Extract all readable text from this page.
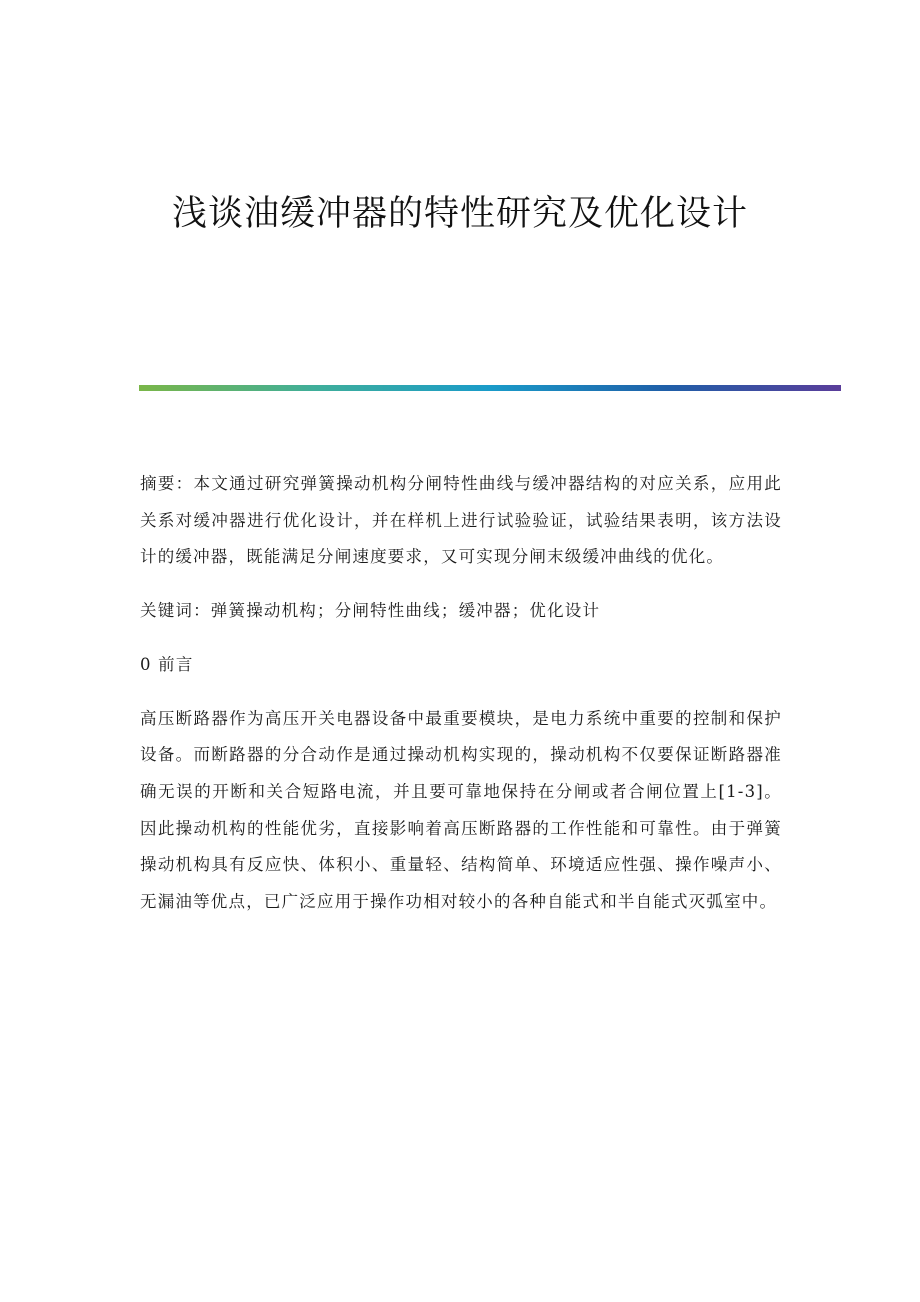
浅谈油缓冲器的特性研究及优化设计

摘要：本文通过研究弹簧操动机构分闸特性曲线与缓冲器结构的对应关系，应用此关系对缓冲器进行优化设计，并在样机上进行试验验证，试验结果表明，该方法设计的缓冲器，既能满足分闸速度要求，又可实现分闸末级缓冲曲线的优化。

关键词：弹簧操动机构；分闸特性曲线；缓冲器；优化设计

0 前言

高压断路器作为高压开关电器设备中最重要模块，是电力系统中重要的控制和保护设备。而断路器的分合动作是通过操动机构实现的，操动机构不仅要保证断路器准确无误的开断和关合短路电流，并且要可靠地保持在分闸或者合闸位置上[1-3]。因此操动机构的性能优劣，直接影响着高压断路器的工作性能和可靠性。由于弹簧操动机构具有反应快、体积小、重量轻、结构简单、环境适应性强、操作噪声小、无漏油等优点，已广泛应用于操作功相对较小的各种自能式和半自能式灭弧室中。
